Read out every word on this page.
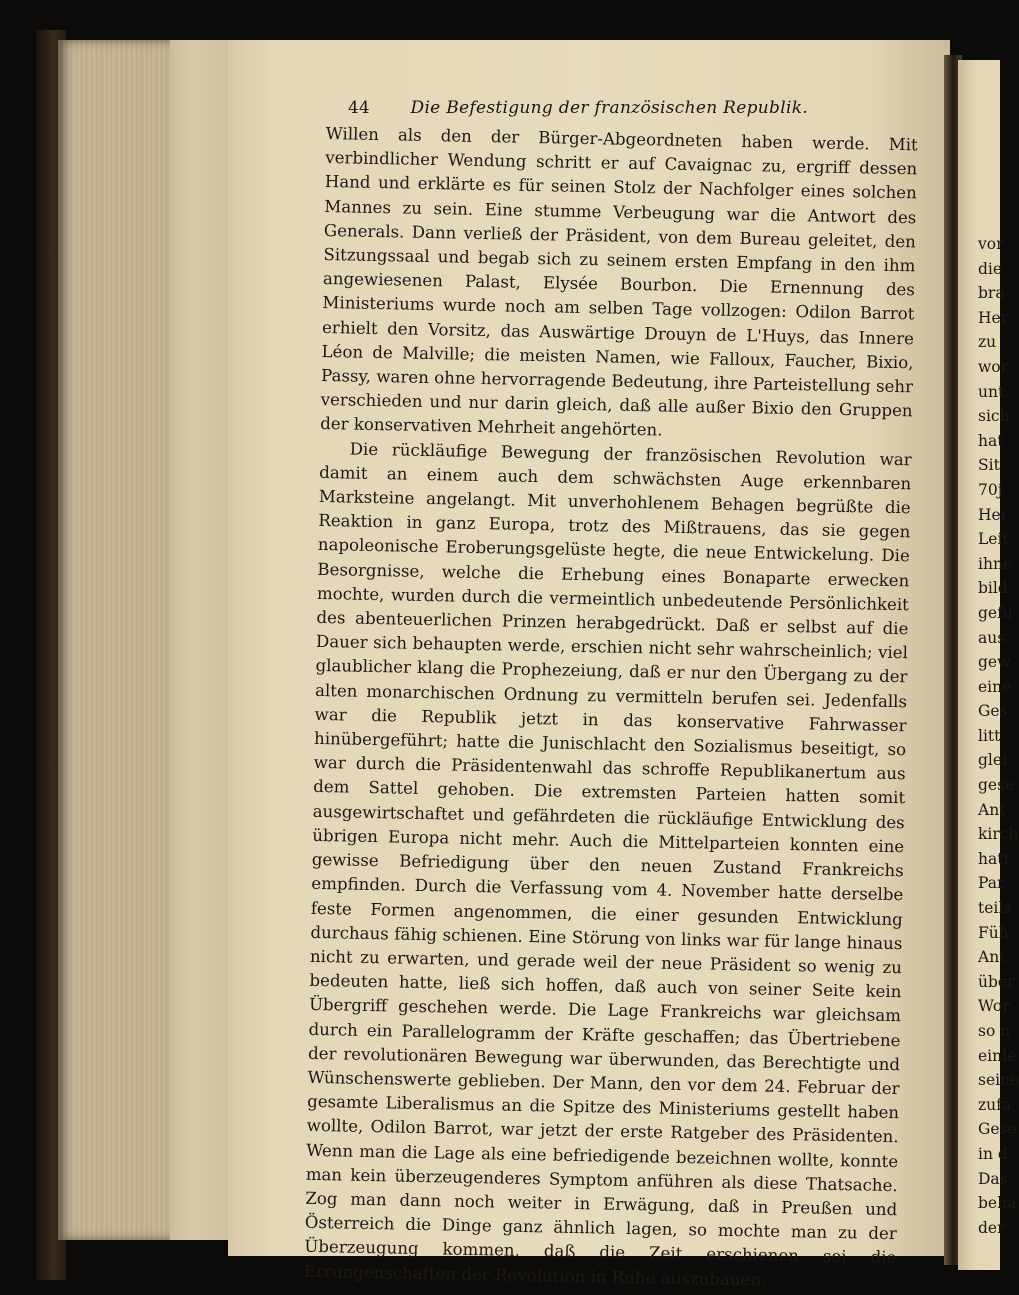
44 Die Befestigung der französischen Republik.

Willen als den der Bürger-Abgeordneten haben werde. Mit verbindlicher Wendung schritt er auf Cavaignac zu, ergriff dessen Hand und erklärte es für seinen Stolz der Nachfolger eines solchen Mannes zu sein. Eine stumme Verbeugung war die Antwort des Generals. Dann verließ der Präsident, von dem Bureau geleitet, den Sitzungssaal und begab sich zu seinem ersten Empfang in den ihm angewiesenen Palast, Elysée Bourbon. Die Ernennung des Ministeriums wurde noch am selben Tage vollzogen: Odilon Barrot erhielt den Vorsitz, das Auswärtige Drouyn de L'Huys, das Innere Léon de Malville; die meisten Namen, wie Falloux, Faucher, Bixio, Passy, waren ohne hervorragende Bedeutung, ihre Parteistellung sehr verschieden und nur darin gleich, daß alle außer Bixio den Gruppen der konservativen Mehrheit angehörten.

Die rückläufige Bewegung der französischen Revolution war damit an einem auch dem schwächsten Auge erkennbaren Marksteine angelangt. Mit unverhohlenem Behagen begrüßte die Reaktion in ganz Europa, trotz des Mißtrauens, das sie gegen napoleonische Eroberungsgelüste hegte, die neue Entwickelung. Die Besorgnisse, welche die Erhebung eines Bonaparte erwecken mochte, wurden durch die vermeintlich unbedeutende Persönlichkeit des abenteuerlichen Prinzen herabgedrückt. Daß er selbst auf die Dauer sich behaupten werde, erschien nicht sehr wahrscheinlich; viel glaublicher klang die Prophezeiung, daß er nur den Übergang zu der alten monarchischen Ordnung zu vermitteln berufen sei. Jedenfalls war die Republik jetzt in das konservative Fahrwasser hinübergeführt; hatte die Junischlacht den Sozialismus beseitigt, so war durch die Präsidentenwahl das schroffe Republikanertum aus dem Sattel gehoben. Die extremsten Parteien hatten somit ausgewirtschaftet und gefährdeten die rückläufige Entwicklung des übrigen Europa nicht mehr. Auch die Mittelparteien konnten eine gewisse Befriedigung über den neuen Zustand Frankreichs empfinden. Durch die Verfassung vom 4. November hatte derselbe feste Formen angenommen, die einer gesunden Entwicklung durchaus fähig schienen. Eine Störung von links war für lange hinaus nicht zu erwarten, und gerade weil der neue Präsident so wenig zu bedeuten hatte, ließ sich hoffen, daß auch von seiner Seite kein Übergriff geschehen werde. Die Lage Frankreichs war gleichsam durch ein Parallelogramm der Kräfte geschaffen; das Übertriebene der revolutionären Bewegung war überwunden, das Berechtigte und Wünschenswerte geblieben. Der Mann, den vor dem 24. Februar der gesamte Liberalismus an die Spitze des Ministeriums gestellt haben wollte, Odilon Barrot, war jetzt der erste Ratgeber des Präsidenten. Wenn man die Lage als eine befriedigende bezeichnen wollte, konnte man kein überzeugenderes Symptom anführen als diese Thatsache. Zog man dann noch weiter in Erwägung, daß in Preußen und Österreich die Dinge ganz ähnlich lagen, so mochte man zu der Überzeugung kommen, daß die Zeit erschienen sei die Errungenschaften der Revolution in Ruhe auszubauen.

vor
die
bra
Her
zu
wor
unt
sich
hat
Sit
70j
Hei
Leit
ihne
bild
gefu
aus
gew
eine
Ges
litt
glei
gese
Ant
kirch
hatt
Par
teils
Füh
Ant
über
Wor
so n
einle
seine
zufa
Gese
in d
Das
beha
der
